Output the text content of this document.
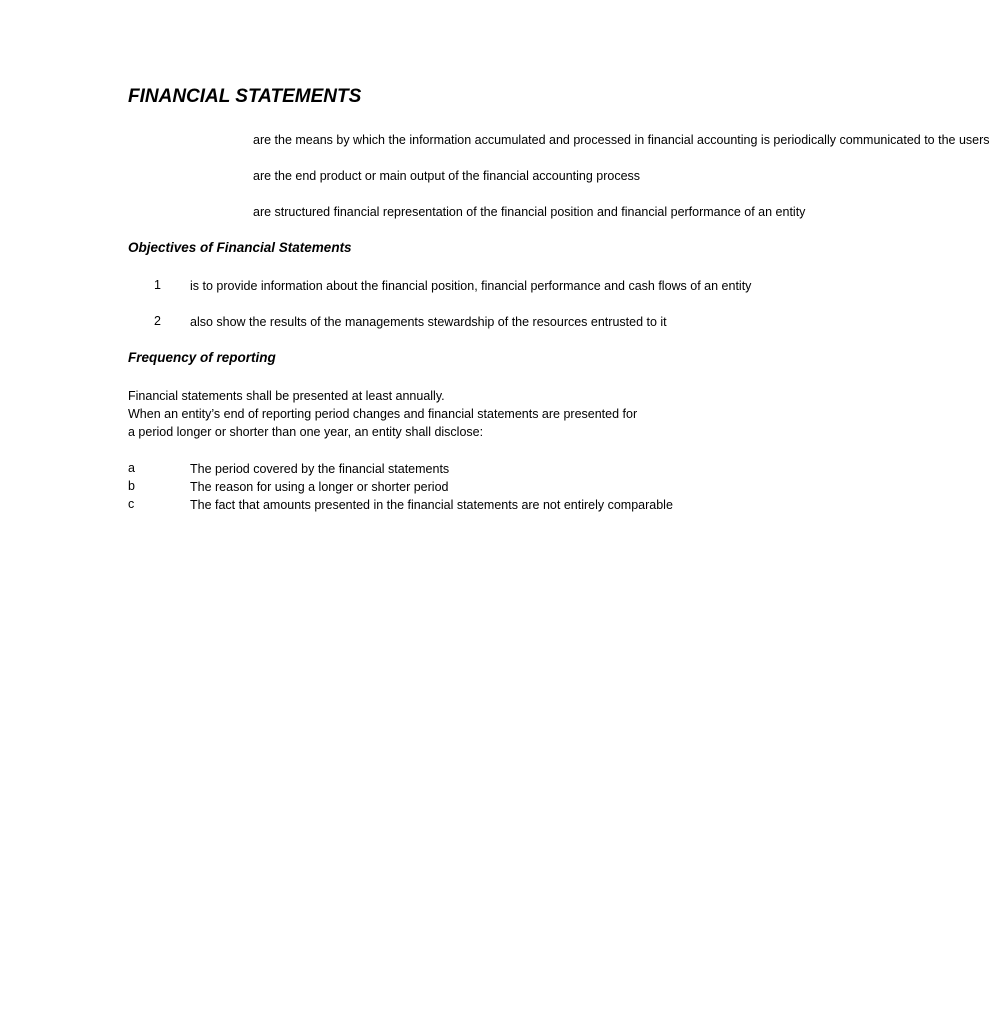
FINANCIAL STATEMENTS
are the means by which the information accumulated and processed in financial accounting is periodically communicated to the users
are the end product or main output of the financial accounting process
are structured financial representation of the financial position and financial performance of an entity
Objectives of Financial Statements
1 is to provide information about the financial position, financial performance and cash flows of an entity
2 also show the results of the managements stewardship of the resources entrusted to it
Frequency of reporting
Financial statements shall be presented at least annually.
When an entity’s end of reporting period changes and financial statements are presented for
a period longer or shorter than one year, an entity shall disclose:
a	The period covered by the financial statements
b	The reason for using a longer or shorter period
c	The fact that amounts presented in the financial statements are not entirely comparable
